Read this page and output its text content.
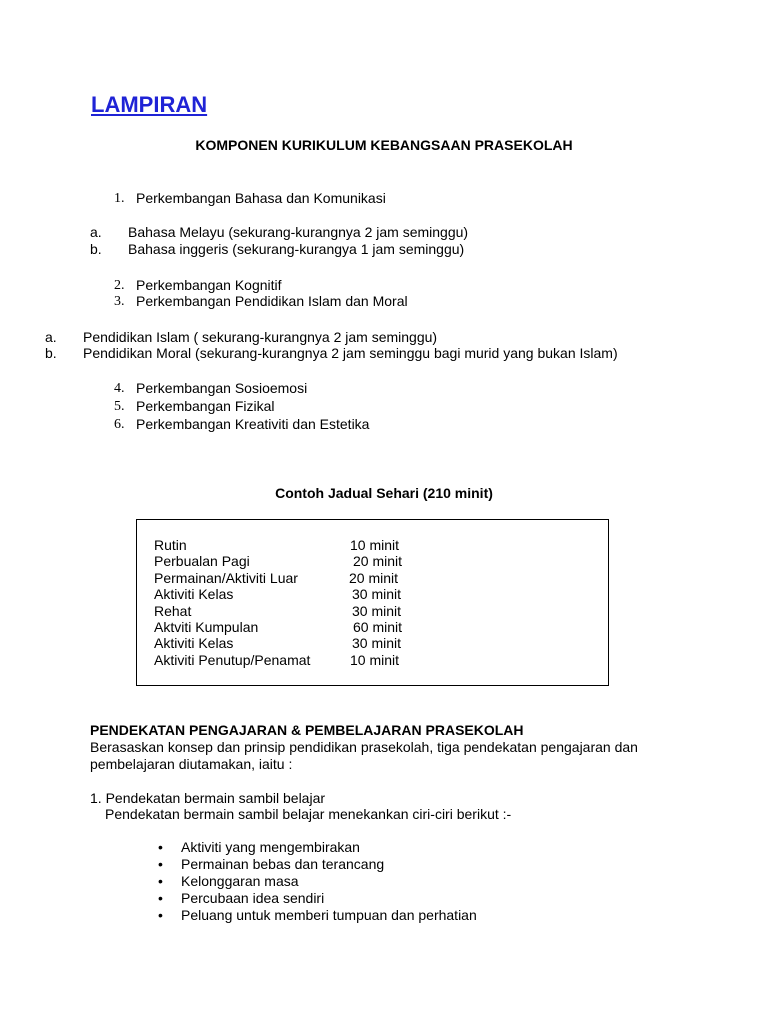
LAMPIRAN
KOMPONEN KURIKULUM KEBANGSAAN PRASEKOLAH
1. Perkembangan Bahasa dan Komunikasi
a.	Bahasa Melayu (sekurang-kurangnya 2 jam seminggu)
b.	Bahasa inggeris (sekurang-kurangya 1 jam seminggu)
2. Perkembangan Kognitif
3. Perkembangan Pendidikan Islam dan Moral
a.	Pendidikan Islam ( sekurang-kurangnya 2 jam seminggu)
b.	Pendidikan Moral (sekurang-kurangnya 2 jam seminggu bagi murid yang bukan Islam)
4. Perkembangan Sosioemosi
5. Perkembangan Fizikal
6. Perkembangan Kreativiti dan Estetika
Contoh Jadual Sehari (210 minit)
Rutin	10 minit
Perbualan Pagi	20 minit
Permainan/Aktiviti Luar	20 minit
Aktiviti Kelas	30 minit
Rehat	30 minit
Aktviti Kumpulan	60 minit
Aktiviti Kelas	30 minit
Aktiviti Penutup/Penamat	10 minit
PENDEKATAN PENGAJARAN & PEMBELAJARAN PRASEKOLAH
Berasaskan konsep dan prinsip pendidikan prasekolah, tiga pendekatan pengajaran dan
pembelajaran diutamakan, iaitu :
1. Pendekatan bermain sambil belajar
Pendekatan bermain sambil belajar menekankan ciri-ciri berikut :-
• Aktiviti yang mengembirakan
• Permainan bebas dan terancang
• Kelonggaran masa
• Percubaan idea sendiri
• Peluang untuk memberi tumpuan dan perhatian
